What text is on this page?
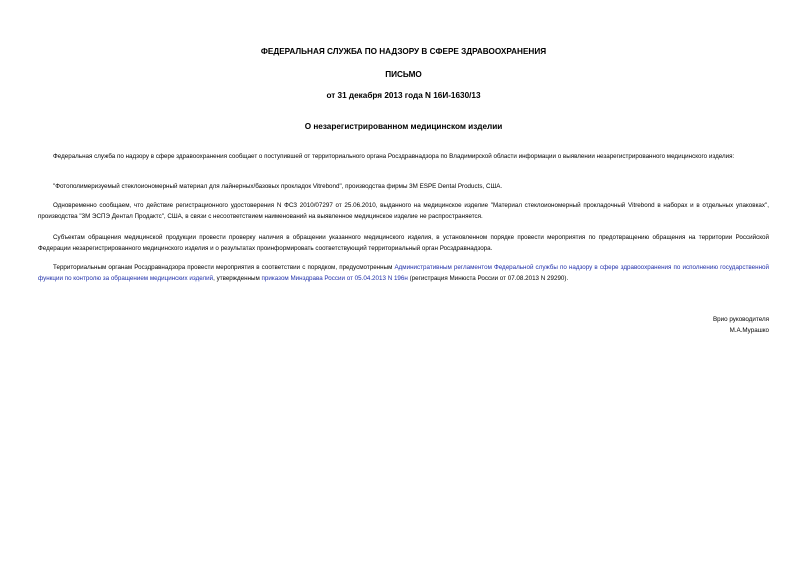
ФЕДЕРАЛЬНАЯ СЛУЖБА ПО НАДЗОРУ В СФЕРЕ ЗДРАВООХРАНЕНИЯ
ПИСЬМО
от 31 декабря 2013 года N 16И-1630/13
О незарегистрированном медицинском изделии

Федеральная служба по надзору в сфере здравоохранения сообщает о поступившей от территориального органа Росздравнадзора по Владимирской области информации о выявлении незарегистрированного медицинского изделия:

"Фотополимеризуемый стеклоиономерный материал для лайнерных/базовых прокладок Vitrebond", производства фирмы 3M ESPE Dental Products, США.

Одновременно сообщаем, что действие регистрационного удостоверения N ФСЗ 2010/07297 от 25.06.2010, выданного на медицинское изделие "Материал стеклоиономерный прокладочный Vitrebond в наборах и в отдельных упаковках", производства "3М ЭСПЭ Дентал Продактс", США, в связи с несоответствием наименований на выявленное медицинское изделие не распространяется.

Субъектам обращения медицинской продукции провести проверку наличия в обращении указанного медицинского изделия, в установленном порядке провести мероприятия по предотвращению обращения на территории Российской Федерации незарегистрированного медицинского изделия и о результатах проинформировать соответствующий территориальный орган Росздравнадзора.

Территориальным органам Росздравнадзора провести мероприятия в соответствии с порядком, предусмотренным Административным регламентом Федеральной службы по надзору в сфере здравоохранения по исполнению государственной функции по контролю за обращением медицинских изделий, утвержденным приказом Минздрава России от 05.04.2013 N 196н (регистрация Минюста России от 07.08.2013 N 29290).

Врио руководителя
М.А.Мурашко
